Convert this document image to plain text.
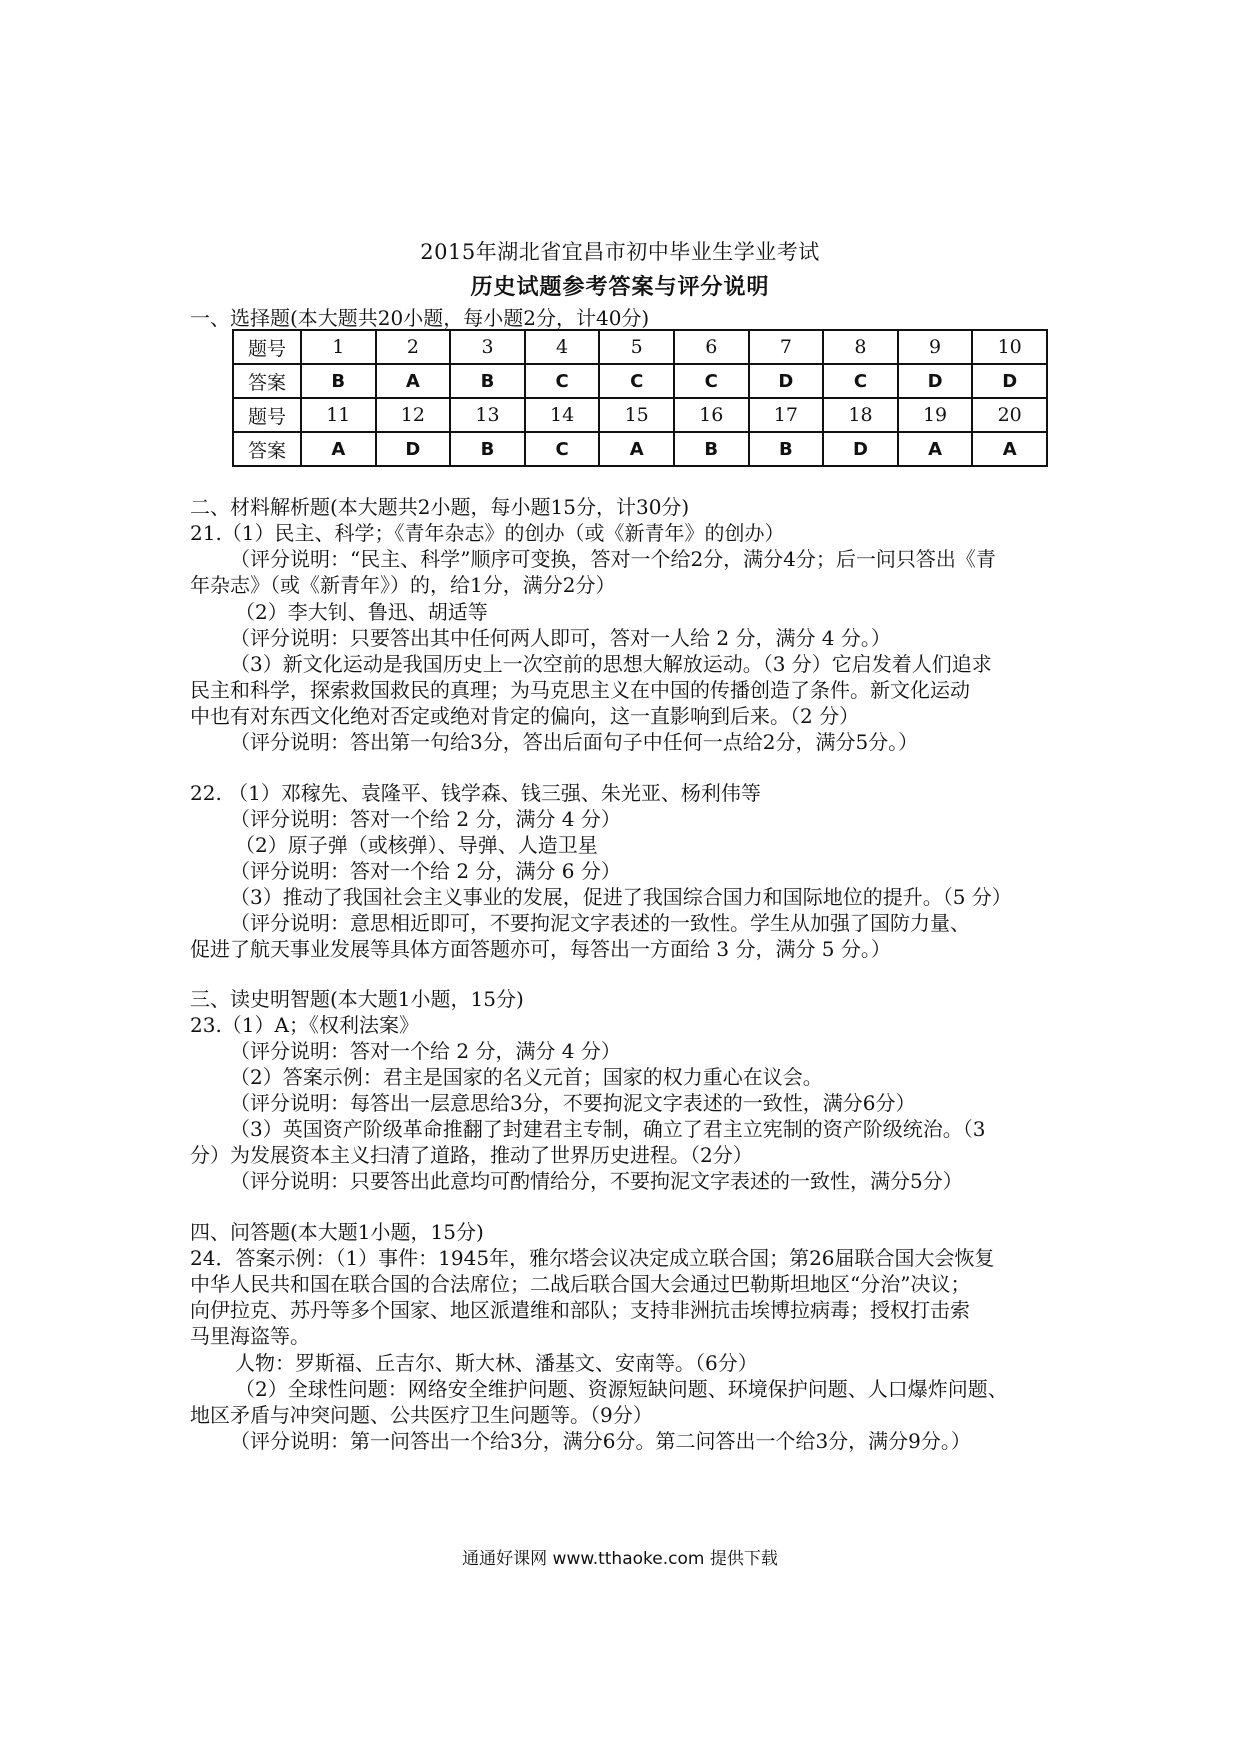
2015年湖北省宜昌市初中毕业生学业考试
历史试题参考答案与评分说明
一、选择题(本大题共20小题，每小题2分，计40分)
题号	1	2	3	4	5	6	7	8	9	10
答案	B	A	B	C	C	C	D	C	D	D
题号	11	12	13	14	15	16	17	18	19	20
答案	A	D	B	C	A	B	B	D	A	A
二、材料解析题(本大题共2小题，每小题15分，计30分)
21.（1）民主、科学；《青年杂志》的创办（或《新青年》的创办）
（评分说明：“民主、科学”顺序可变换，答对一个给2分，满分4分；后一问只答出《青
年杂志》（或《新青年》）的，给1分，满分2分）
（2）李大钊、鲁迅、胡适等
（评分说明：只要答出其中任何两人即可，答对一人给 2 分，满分 4 分。）
（3）新文化运动是我国历史上一次空前的思想大解放运动。（3 分）它启发着人们追求
民主和科学，探索救国救民的真理；为马克思主义在中国的传播创造了条件。新文化运动
中也有对东西文化绝对否定或绝对肯定的偏向，这一直影响到后来。（2 分）
（评分说明：答出第一句给3分，答出后面句子中任何一点给2分，满分5分。）
22. （1）邓稼先、袁隆平、钱学森、钱三强、朱光亚、杨利伟等
（评分说明：答对一个给 2 分，满分 4 分）
（2）原子弹（或核弹）、导弹、人造卫星
（评分说明：答对一个给 2 分，满分 6 分）
（3）推动了我国社会主义事业的发展，促进了我国综合国力和国际地位的提升。（5 分）
（评分说明：意思相近即可，不要拘泥文字表述的一致性。学生从加强了国防力量、
促进了航天事业发展等具体方面答题亦可，每答出一方面给 3 分，满分 5 分。）
三、读史明智题(本大题1小题，15分)
23.（1）A；《权利法案》
（评分说明：答对一个给 2 分，满分 4 分）
（2）答案示例：君主是国家的名义元首；国家的权力重心在议会。
（评分说明：每答出一层意思给3分，不要拘泥文字表述的一致性，满分6分）
（3）英国资产阶级革命推翻了封建君主专制，确立了君主立宪制的资产阶级统治。（3
分）为发展资本主义扫清了道路，推动了世界历史进程。（2分）
（评分说明：只要答出此意均可酌情给分，不要拘泥文字表述的一致性，满分5分）
四、问答题(本大题1小题，15分)
24．答案示例：（1）事件：1945年，雅尔塔会议决定成立联合国；第26届联合国大会恢复
中华人民共和国在联合国的合法席位；二战后联合国大会通过巴勒斯坦地区“分治”决议；
向伊拉克、苏丹等多个国家、地区派遣维和部队；支持非洲抗击埃博拉病毒；授权打击索
马里海盗等。
人物：罗斯福、丘吉尔、斯大林、潘基文、安南等。（6分）
（2）全球性问题：网络安全维护问题、资源短缺问题、环境保护问题、人口爆炸问题、
地区矛盾与冲突问题、公共医疗卫生问题等。（9分）
（评分说明：第一问答出一个给3分，满分6分。第二问答出一个给3分，满分9分。）
通通好课网 www.tthaoke.com 提供下载
